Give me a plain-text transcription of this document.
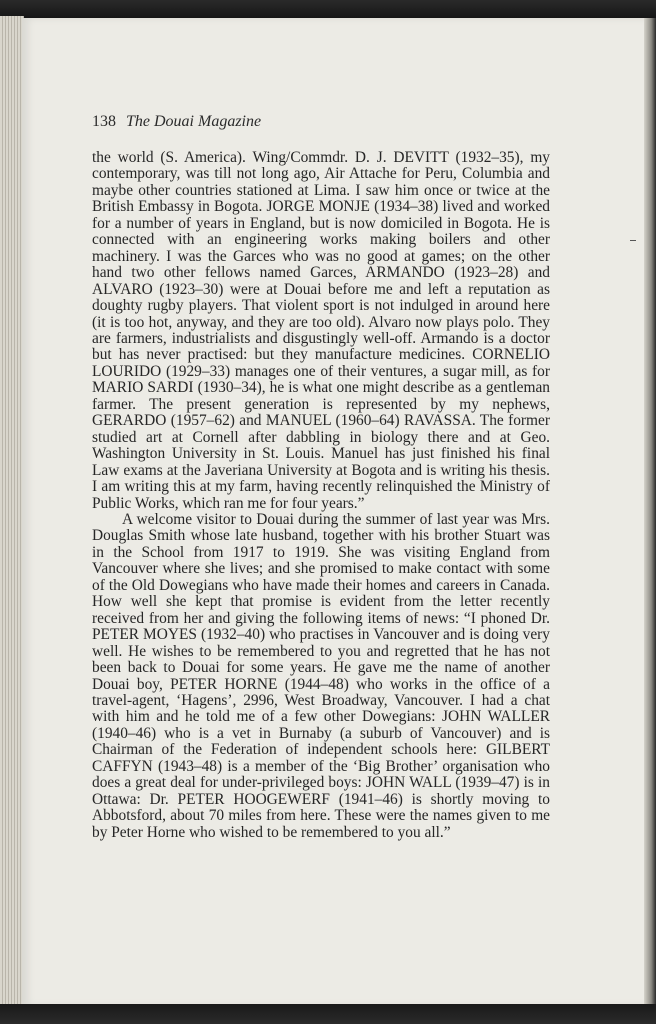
138 The Douai Magazine

the world (S. America). Wing/Commdr. D. J. DEVITT (1932–35), my contemporary, was till not long ago, Air Attache for Peru, Columbia and maybe other countries stationed at Lima. I saw him once or twice at the British Embassy in Bogota. JORGE MONJE (1934–38) lived and worked for a number of years in England, but is now domiciled in Bogota. He is connected with an engineering works making boilers and other machinery. I was the Garces who was no good at games; on the other hand two other fellows named Garces, ARMANDO (1923–28) and ALVARO (1923–30) were at Douai before me and left a reputation as doughty rugby players. That violent sport is not indulged in around here (it is too hot, anyway, and they are too old). Alvaro now plays polo. They are farmers, industrialists and disgustingly well-off. Armando is a doctor but has never practised: but they manufacture medicines. CORNELIO LOURIDO (1929–33) manages one of their ventures, a sugar mill, as for MARIO SARDI (1930–34), he is what one might describe as a gentleman farmer. The present generation is represented by my nephews, GERARDO (1957–62) and MANUEL (1960–64) RAVASSA. The former studied art at Cornell after dabbling in biology there and at Geo. Washington University in St. Louis. Manuel has just finished his final Law exams at the Javeriana University at Bogota and is writing his thesis. I am writing this at my farm, having recently relinquished the Ministry of Public Works, which ran me for four years.”

A welcome visitor to Douai during the summer of last year was Mrs. Douglas Smith whose late husband, together with his brother Stuart was in the School from 1917 to 1919. She was visiting England from Vancouver where she lives; and she promised to make contact with some of the Old Dowegians who have made their homes and careers in Canada. How well she kept that promise is evident from the letter recently received from her and giving the following items of news: “I phoned Dr. PETER MOYES (1932–40) who practises in Vancouver and is doing very well. He wishes to be remembered to you and regretted that he has not been back to Douai for some years. He gave me the name of another Douai boy, PETER HORNE (1944–48) who works in the office of a travel-agent, ‘Hagens’, 2996, West Broadway, Vancouver. I had a chat with him and he told me of a few other Dowegians: JOHN WALLER (1940–46) who is a vet in Burnaby (a suburb of Vancouver) and is Chairman of the Federation of independent schools here: GILBERT CAFFYN (1943–48) is a member of the ‘Big Brother’ organisation who does a great deal for under-privileged boys: JOHN WALL (1939–47) is in Ottawa: Dr. PETER HOOGEWERF (1941–46) is shortly moving to Abbotsford, about 70 miles from here. These were the names given to me by Peter Horne who wished to be remembered to you all.”
